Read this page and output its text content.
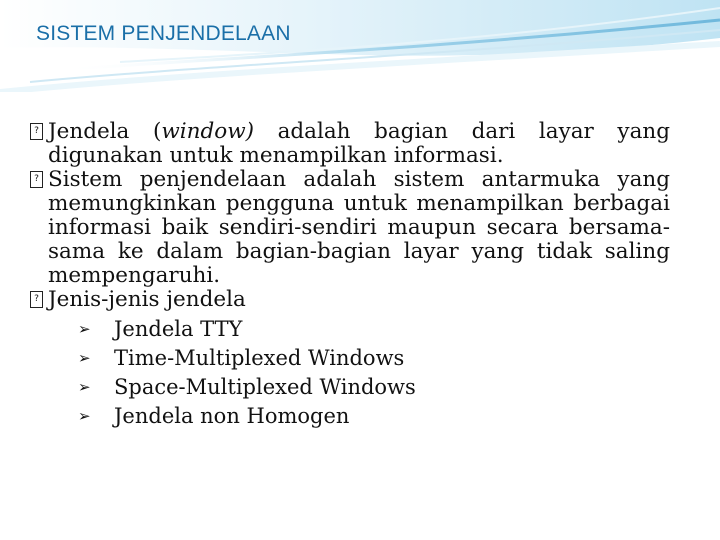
SISTEM PENJENDELAAN

? Jendela (window) adalah bagian dari layar yang digunakan untuk menampilkan informasi.

? Sistem penjendelaan adalah sistem antarmuka yang memungkinkan pengguna untuk menampilkan berbagai informasi baik sendiri-sendiri maupun secara bersama-sama ke dalam bagian-bagian layar yang tidak saling mempengaruhi.

? Jenis-jenis jendela

➢ Jendela TTY
➢ Time-Multiplexed Windows
➢ Space-Multiplexed Windows
➢ Jendela non Homogen
